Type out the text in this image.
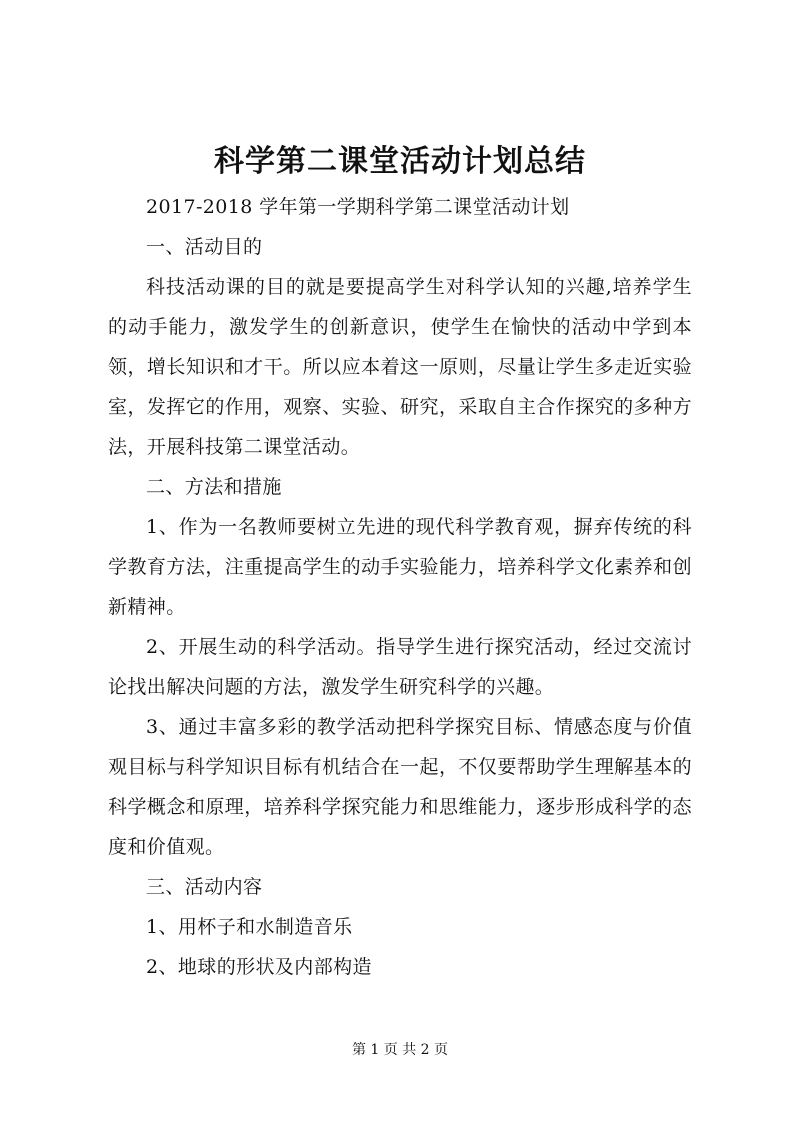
科学第二课堂活动计划总结

2017-2018 学年第一学期科学第二课堂活动计划

一、活动目的

科技活动课的目的就是要提高学生对科学认知的兴趣,培养学生的动手能力，激发学生的创新意识，使学生在愉快的活动中学到本领，增长知识和才干。所以应本着这一原则，尽量让学生多走近实验室，发挥它的作用，观察、实验、研究，采取自主合作探究的多种方法，开展科技第二课堂活动。

二、方法和措施

1、作为一名教师要树立先进的现代科学教育观，摒弃传统的科学教育方法，注重提高学生的动手实验能力，培养科学文化素养和创新精神。

2、开展生动的科学活动。指导学生进行探究活动，经过交流讨论找出解决问题的方法，激发学生研究科学的兴趣。

3、通过丰富多彩的教学活动把科学探究目标、情感态度与价值观目标与科学知识目标有机结合在一起，不仅要帮助学生理解基本的科学概念和原理，培养科学探究能力和思维能力，逐步形成科学的态度和价值观。

三、活动内容

1、用杯子和水制造音乐

2、地球的形状及内部构造

第 1 页 共 2 页
